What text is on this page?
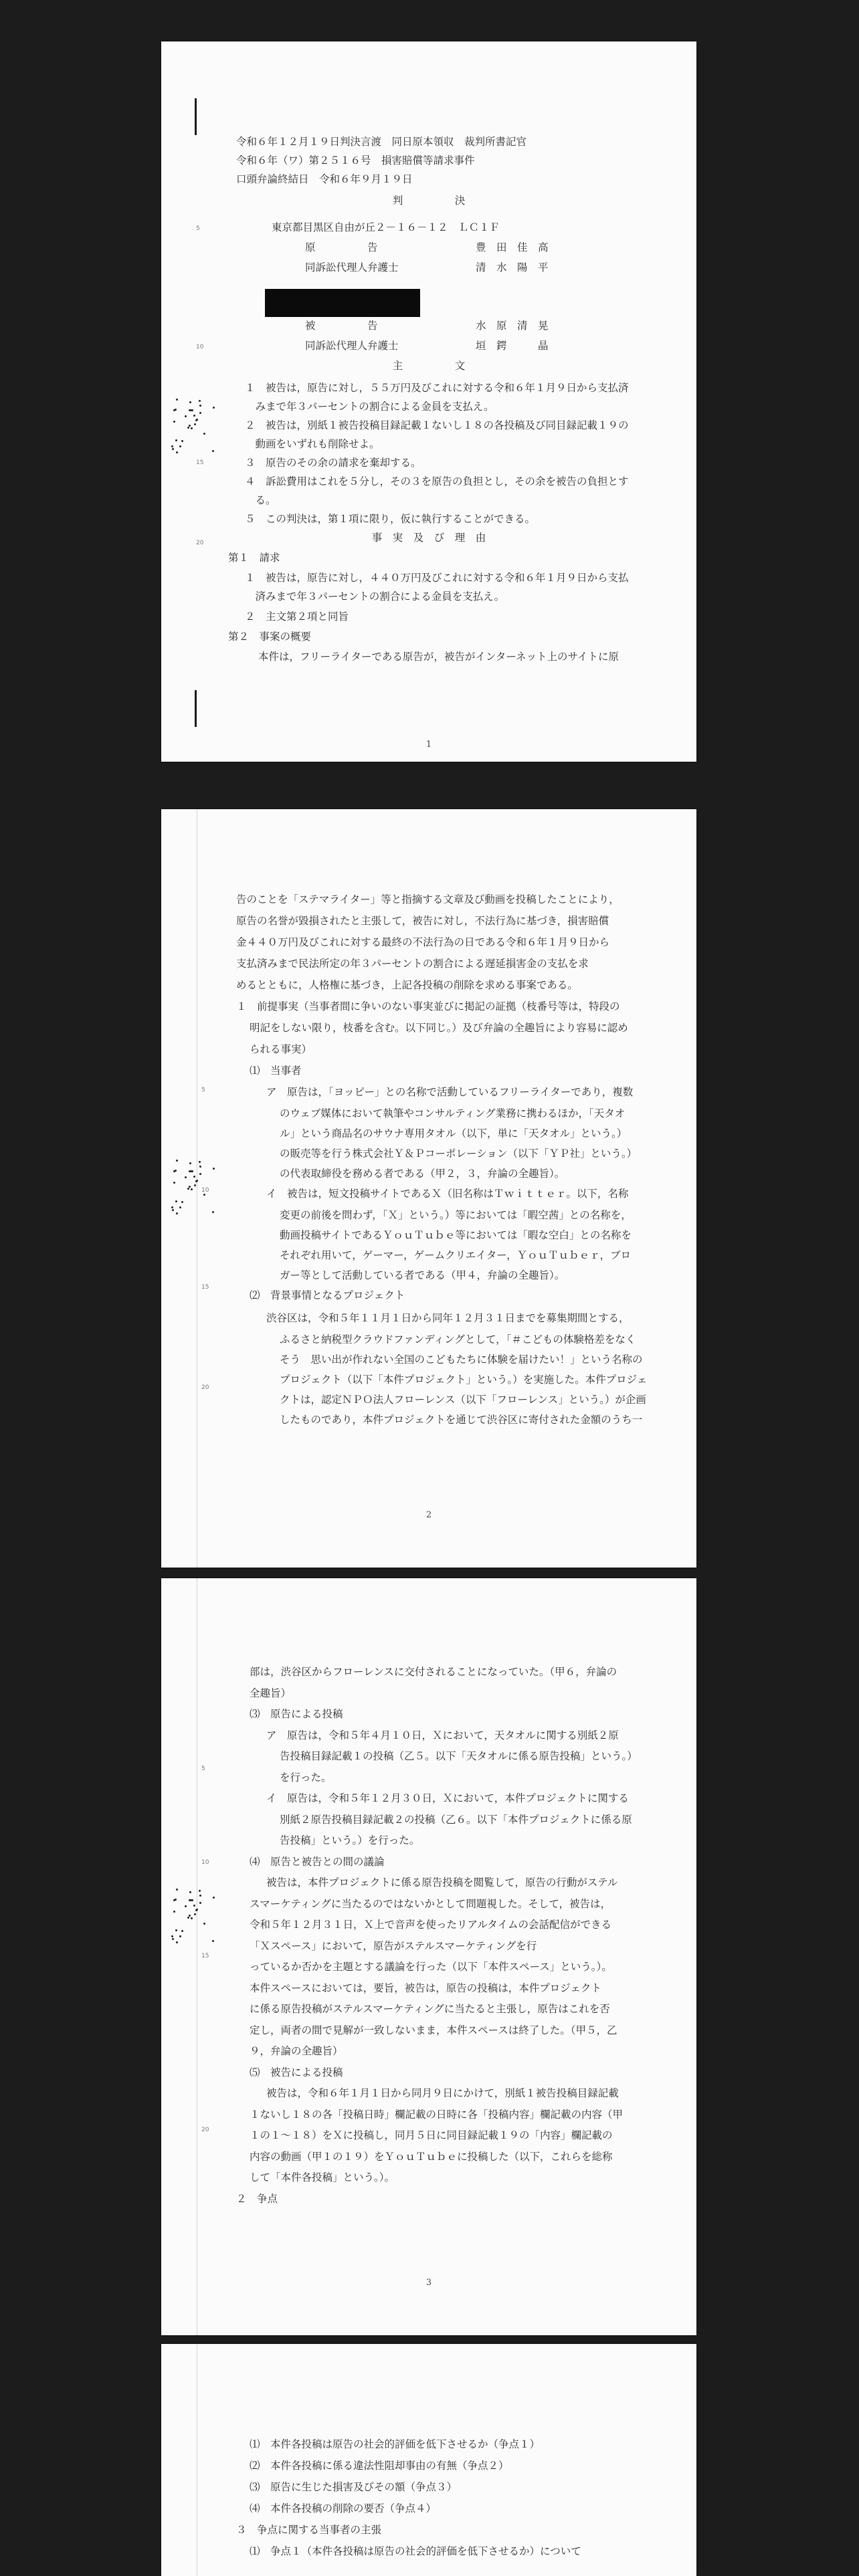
令和６年１２月１９日判決言渡　同日原本領収　裁判所書記官
令和６年（ワ）第２５１６号　損害賠償等請求事件
口頭弁論終結日　令和６年９月１９日
判　　　　　決
5	東京都目黒区自由が丘２－１６－１２　ＬＣ１Ｆ
原　　　　　告	豊　田　佳　高
同訴訟代理人弁護士	清　水　陽　平
被　　　　　告	水　原　清　晃
10	同訴訟代理人弁護士	垣　鍔　　　晶
主　　　　　文
１　被告は，原告に対し，５５万円及びこれに対する令和６年１月９日から支払済
　みまで年３パーセントの割合による金員を支払え。
２　被告は，別紙１被告投稿目録記載１ないし１８の各投稿及び同目録記載１９の
15
　動画をいずれも削除せよ。
３　原告のその余の請求を棄却する。
４　訴訟費用はこれを５分し，その３を原告の負担とし，その余を被告の負担とす
　る。
５　この判決は，第１項に限り，仮に執行することができる。
20	事　実　及　び　理　由
第１　請求
１　被告は，原告に対し，４４０万円及びこれに対する令和６年１月９日から支払
　済みまで年３パーセントの割合による金員を支払え。
２　主文第２項と同旨
第２　事案の概要
本件は，フリーライターである原告が，被告がインターネット上のサイトに原
1
5
10
15
20
告のことを「ステマライター」等と指摘する文章及び動画を投稿したことにより，
原告の名誉が毀損されたと主張して，被告に対し，不法行為に基づき，損害賠償
金４４０万円及びこれに対する最終の不法行為の日である令和６年１月９日から
支払済みまで民法所定の年３パーセントの割合による遅延損害金の支払を求
めるとともに，人格権に基づき，上記各投稿の削除を求める事案である。
１　前提事実（当事者間に争いのない事実並びに掲記の証拠（枝番号等は，特段の
明記をしない限り，枝番を含む。以下同じ。）及び弁論の全趣旨により容易に認め
られる事実）
⑴　当事者
ア　原告は，「ヨッピー」との名称で活動しているフリーライターであり，複数
のウェブ媒体において執筆やコンサルティング業務に携わるほか，「天タオ
ル」という商品名のサウナ専用タオル（以下，単に「天タオル」という。）
の販売等を行う株式会社Ｙ＆Ｐコーポレーション（以下「ＹＰ社」という。）
の代表取締役を務める者である（甲２，３，弁論の全趣旨）。
イ　被告は，短文投稿サイトであるＸ（旧名称はＴｗｉｔｔｅｒ。以下，名称
変更の前後を問わず，「Ｘ」という。）等においては「暇空茜」との名称を，
動画投稿サイトであるＹｏｕＴｕｂｅ等においては「暇な空白」との名称を
それぞれ用いて，ゲーマー，ゲームクリエイター，ＹｏｕＴｕｂｅｒ，ブロ
ガー等として活動している者である（甲４，弁論の全趣旨）。
⑵　背景事情となるプロジェクト
渋谷区は，令和５年１１月１日から同年１２月３１日までを募集期間とする，
ふるさと納税型クラウドファンディングとして，「＃こどもの体験格差をなく
そう　思い出が作れない全国のこどもたちに体験を届けたい！」という名称の
プロジェクト（以下「本件プロジェクト」という。）を実施した。本件プロジェ
クトは，認定ＮＰＯ法人フローレンス（以下「フローレンス」という。）が企画
したものであり，本件プロジェクトを通じて渋谷区に寄付された金額のうち一
2
5
10
15
20
部は，渋谷区からフローレンスに交付されることになっていた。（甲６，弁論の
全趣旨）
⑶　原告による投稿
ア　原告は，令和５年４月１０日，Ｘにおいて，天タオルに関する別紙２原
告投稿目録記載１の投稿（乙５。以下「天タオルに係る原告投稿」という。）
を行った。
イ　原告は，令和５年１２月３０日，Ｘにおいて，本件プロジェクトに関する
別紙２原告投稿目録記載２の投稿（乙６。以下「本件プロジェクトに係る原
告投稿」という。）を行った。
⑷　原告と被告との間の議論
被告は，本件プロジェクトに係る原告投稿を閲覧して，原告の行動がステル
スマーケティングに当たるのではないかとして問題視した。そして，被告は，
令和５年１２月３１日，Ｘ上で音声を使ったリアルタイムの会話配信ができる
「Ｘスペース」において，原告がステルスマーケティングを行
っているか否かを主題とする議論を行った（以下「本件スペース」という。）。
本件スペースにおいては，要旨，被告は，原告の投稿は，本件プロジェクト
に係る原告投稿がステルスマーケティングに当たると主張し，原告はこれを否
定し，両者の間で見解が一致しないまま，本件スペースは終了した。（甲５，乙
９，弁論の全趣旨）
⑸　被告による投稿
被告は，令和６年１月１日から同月９日にかけて，別紙１被告投稿目録記載
１ないし１８の各「投稿日時」欄記載の日時に各「投稿内容」欄記載の内容（甲
１の１～１８）をＸに投稿し，同月５日に同目録記載１９の「内容」欄記載の
内容の動画（甲１の１９）をＹｏｕＴｕｂｅに投稿した（以下，これらを総称
して「本件各投稿」という。）。
２　争点
3
⑴　本件各投稿は原告の社会的評価を低下させるか（争点１）
⑵　本件各投稿に係る違法性阻却事由の有無（争点２）
⑶　原告に生じた損害及びその額（争点３）
⑷　本件各投稿の削除の要否（争点４）
３　争点に関する当事者の主張
⑴　争点１（本件各投稿は原告の社会的評価を低下させるか）について
